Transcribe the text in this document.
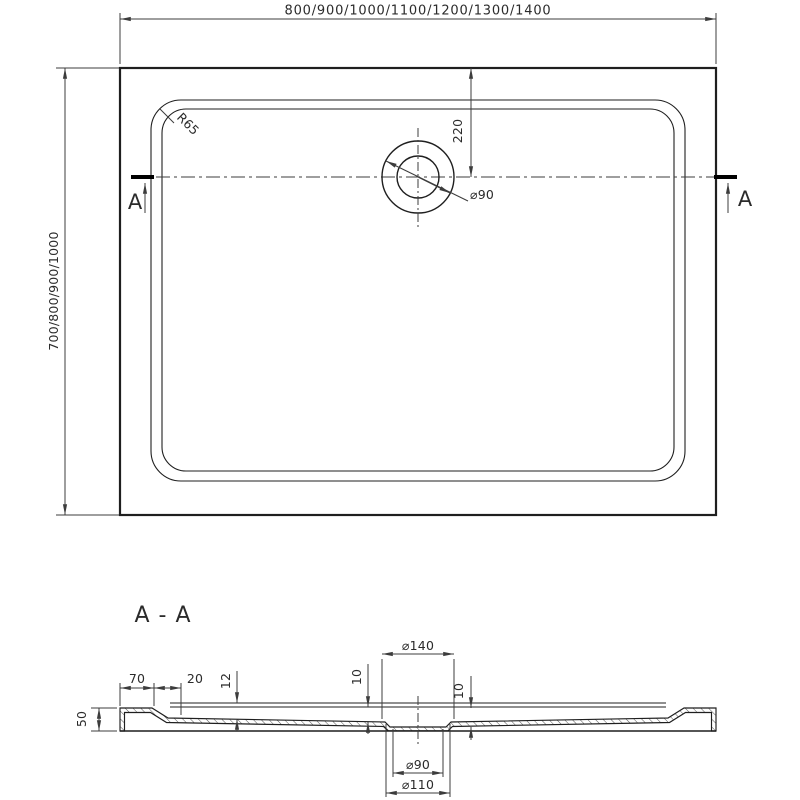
800/900/1000/1100/1200/1300/1400
700/800/900/1000
220
⌀90
R65
A	A
A - A
50
70	20 12
⌀140
10
10
⌀90
⌀110
